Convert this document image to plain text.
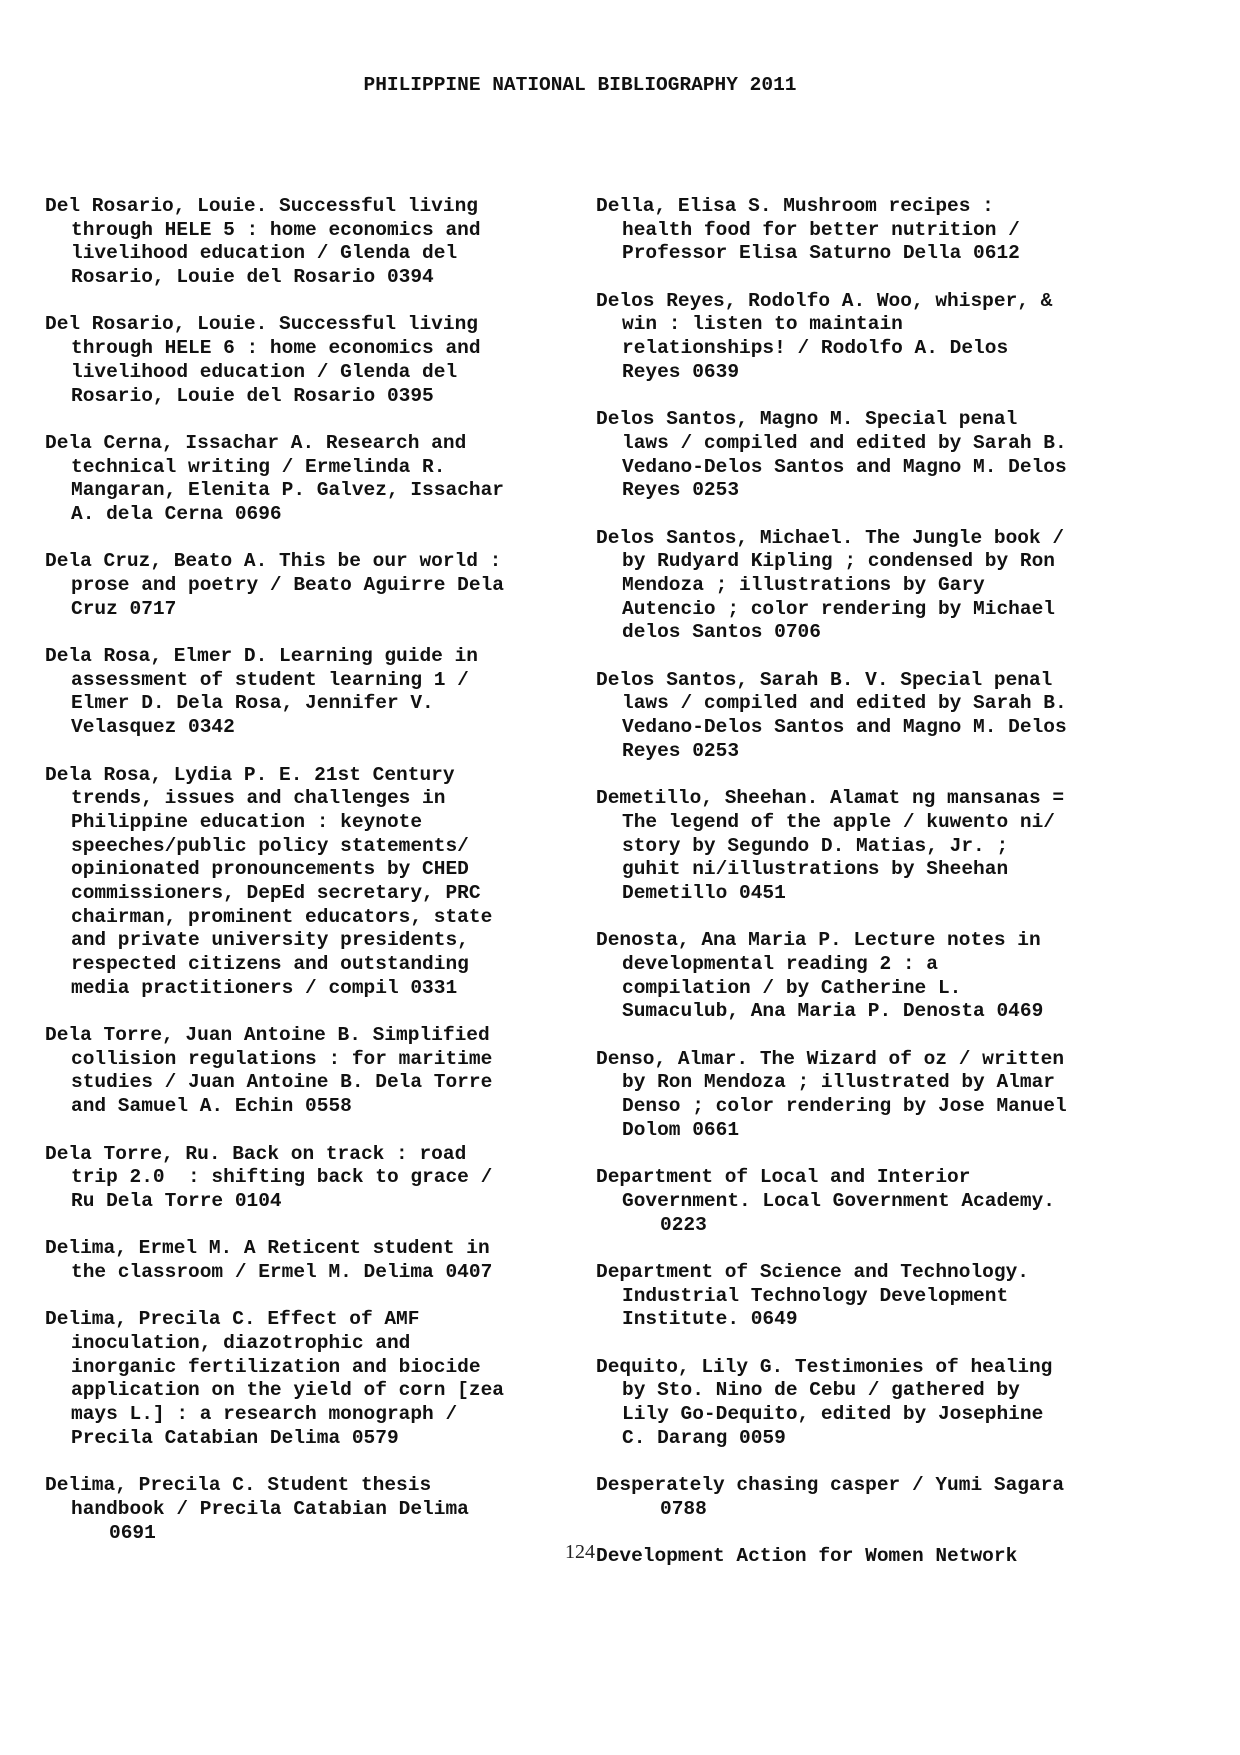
PHILIPPINE NATIONAL BIBLIOGRAPHY 2011
Del Rosario, Louie. Successful living
through HELE 5 : home economics and
livelihood education / Glenda del
Rosario, Louie del Rosario 0394
Del Rosario, Louie. Successful living
through HELE 6 : home economics and
livelihood education / Glenda del
Rosario, Louie del Rosario 0395
Dela Cerna, Issachar A. Research and
technical writing / Ermelinda R.
Mangaran, Elenita P. Galvez, Issachar
A. dela Cerna 0696
Dela Cruz, Beato A. This be our world :
prose and poetry / Beato Aguirre Dela
Cruz 0717
Dela Rosa, Elmer D. Learning guide in
assessment of student learning 1 /
Elmer D. Dela Rosa, Jennifer V.
Velasquez 0342
Dela Rosa, Lydia P. E. 21st Century
trends, issues and challenges in
Philippine education : keynote
speeches/public policy statements/
opinionated pronouncements by CHED
commissioners, DepEd secretary, PRC
chairman, prominent educators, state
and private university presidents,
respected citizens and outstanding
media practitioners / compil 0331
Dela Torre, Juan Antoine B. Simplified
collision regulations : for maritime
studies / Juan Antoine B. Dela Torre
and Samuel A. Echin 0558
Dela Torre, Ru. Back on track : road
trip 2.0  : shifting back to grace /
Ru Dela Torre 0104
Delima, Ermel M. A Reticent student in
the classroom / Ermel M. Delima 0407
Delima, Precila C. Effect of AMF
inoculation, diazotrophic and
inorganic fertilization and biocide
application on the yield of corn [zea
mays L.] : a research monograph /
Precila Catabian Delima 0579
Delima, Precila C. Student thesis
handbook / Precila Catabian Delima
0691
Della, Elisa S. Mushroom recipes :
health food for better nutrition /
Professor Elisa Saturno Della 0612
Delos Reyes, Rodolfo A. Woo, whisper, &
win : listen to maintain
relationships! / Rodolfo A. Delos
Reyes 0639
Delos Santos, Magno M. Special penal
laws / compiled and edited by Sarah B.
Vedano-Delos Santos and Magno M. Delos
Reyes 0253
Delos Santos, Michael. The Jungle book /
by Rudyard Kipling ; condensed by Ron
Mendoza ; illustrations by Gary
Autencio ; color rendering by Michael
delos Santos 0706
Delos Santos, Sarah B. V. Special penal
laws / compiled and edited by Sarah B.
Vedano-Delos Santos and Magno M. Delos
Reyes 0253
Demetillo, Sheehan. Alamat ng mansanas =
The legend of the apple / kuwento ni/
story by Segundo D. Matias, Jr. ;
guhit ni/illustrations by Sheehan
Demetillo 0451
Denosta, Ana Maria P. Lecture notes in
developmental reading 2 : a
compilation / by Catherine L.
Sumaculub, Ana Maria P. Denosta 0469
Denso, Almar. The Wizard of oz / written
by Ron Mendoza ; illustrated by Almar
Denso ; color rendering by Jose Manuel
Dolom 0661
Department of Local and Interior
Government. Local Government Academy.
0223
Department of Science and Technology.
Industrial Technology Development
Institute. 0649
Dequito, Lily G. Testimonies of healing
by Sto. Nino de Cebu / gathered by
Lily Go-Dequito, edited by Josephine
C. Darang 0059
Desperately chasing casper / Yumi Sagara
0788
Development Action for Women Network
124
